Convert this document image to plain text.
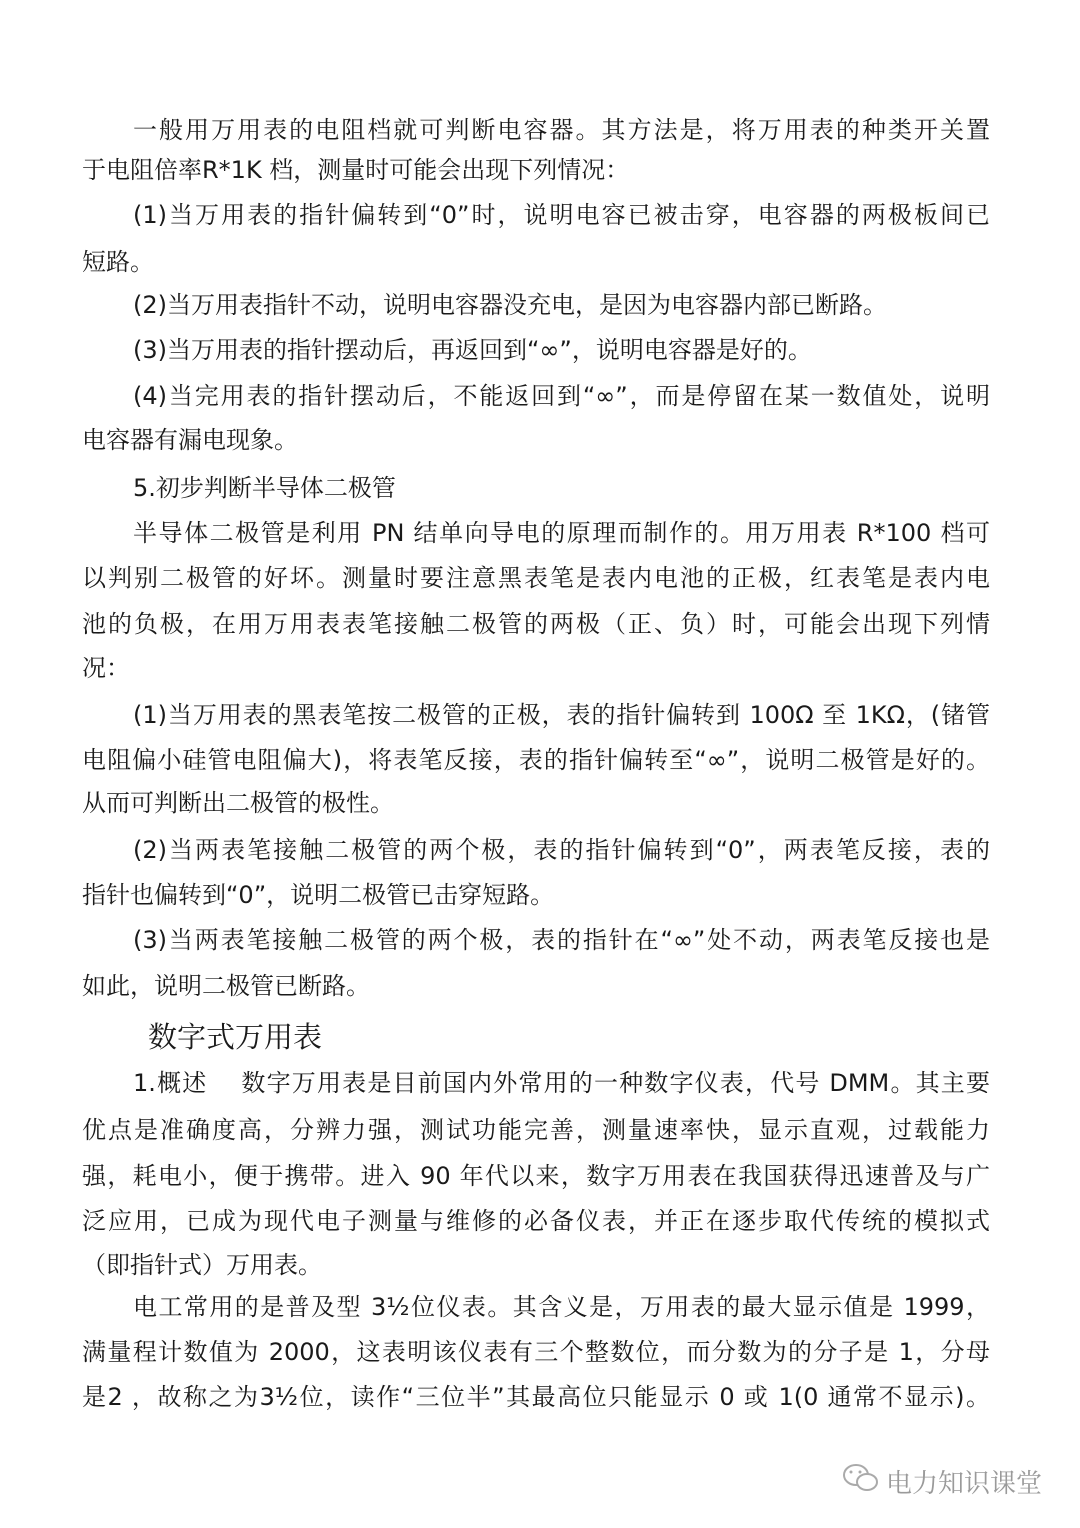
一般用万用表的电阻档就可判断电容器。其方法是，将万用表的种类开关置
于电阻倍率R*1K 档，测量时可能会出现下列情况：
(1)当万用表的指针偏转到“0”时，说明电容已被击穿，电容器的两极板间已
短路。
(2)当万用表指针不动，说明电容器没充电，是因为电容器内部已断路。
(3)当万用表的指针摆动后，再返回到“∞”，说明电容器是好的。
(4)当完用表的指针摆动后，不能返回到“∞”，而是停留在某一数值处，说明
电容器有漏电现象。
5.初步判断半导体二极管
半导体二极管是利用 PN 结单向导电的原理而制作的。用万用表 R*100 档可
以判别二极管的好坏。测量时要注意黑表笔是表内电池的正极，红表笔是表内电
池的负极，在用万用表表笔接触二极管的两极（正、负）时，可能会出现下列情
况：
(1)当万用表的黑表笔按二极管的正极，表的指针偏转到 100Ω 至 1KΩ，(锗管
电阻偏小硅管电阻偏大)，将表笔反接，表的指针偏转至“∞”，说明二极管是好的。
从而可判断出二极管的极性。
(2)当两表笔接触二极管的两个极，表的指针偏转到“0”，两表笔反接，表的
指针也偏转到“0”，说明二极管已击穿短路。
(3)当两表笔接触二极管的两个极，表的指针在“∞”处不动，两表笔反接也是
如此，说明二极管已断路。
数字式万用表
1.概述　 数字万用表是目前国内外常用的一种数字仪表，代号 DMM。其主要
优点是准确度高，分辨力强，测试功能完善，测量速率快，显示直观，过载能力
强，耗电小，便于携带。进入 90 年代以来，数字万用表在我国获得迅速普及与广
泛应用，已成为现代电子测量与维修的必备仪表，并正在逐步取代传统的模拟式
（即指针式）万用表。
电工常用的是普及型 3½位仪表。其含义是，万用表的最大显示值是 1999，
满量程计数值为 2000，这表明该仪表有三个整数位，而分数为的分子是 1，分母
是2 ，故称之为3½位，读作“三位半”其最高位只能显示 0 或 1(0 通常不显示)。
电力知识课堂
